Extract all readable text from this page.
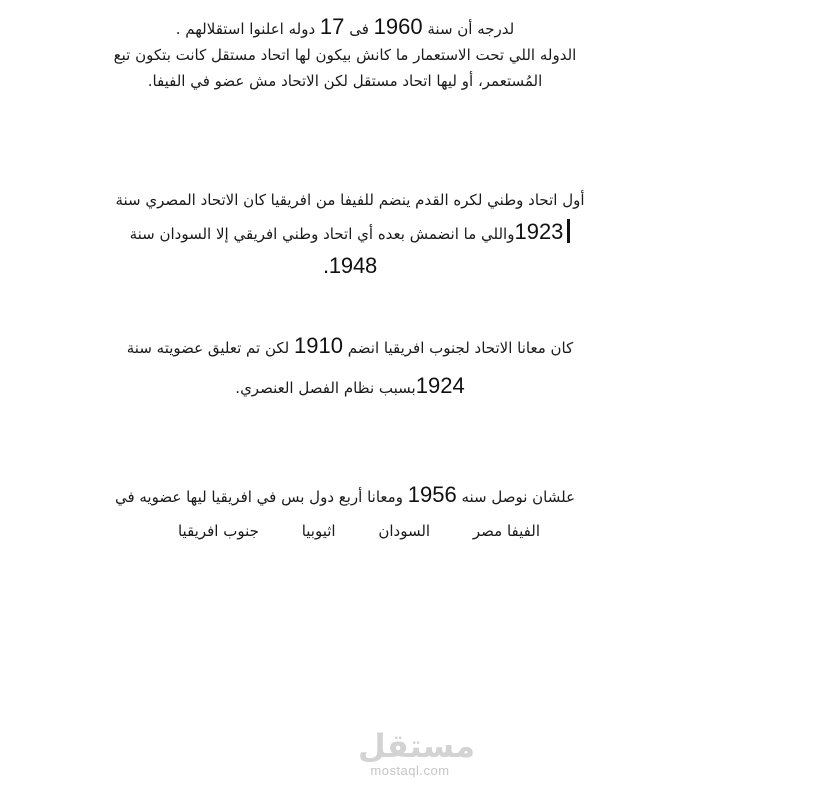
لدرجه أن سنة 1960 فى 17 دوله اعلنوا استقلالهم .
الدوله اللي تحت الاستعمار ما كانش بيكون لها اتحاد مستقل كانت بتكون تبع
المُستعمر، أو ليها اتحاد مستقل لكن الاتحاد مش عضو في الفيفا.
أول اتحاد وطني لكره القدم ينضم للفيفا من افريقيا كان الاتحاد المصري سنة
1923واللي ما انضمش بعده أي اتحاد وطني افريقي إلا السودان سنة
1948.
كان معانا الاتحاد لجنوب افريقيا انضم 1910 لكن تم تعليق عضويته سنة
1924بسبب نظام الفصل العنصري.
علشان نوصل سنه 1956 ومعانا أربع دول بس في افريقيا ليها عضويه في
الفيفا مصر السودان اثيوبيا جنوب افريقيا
مستقل
mostaql.com
